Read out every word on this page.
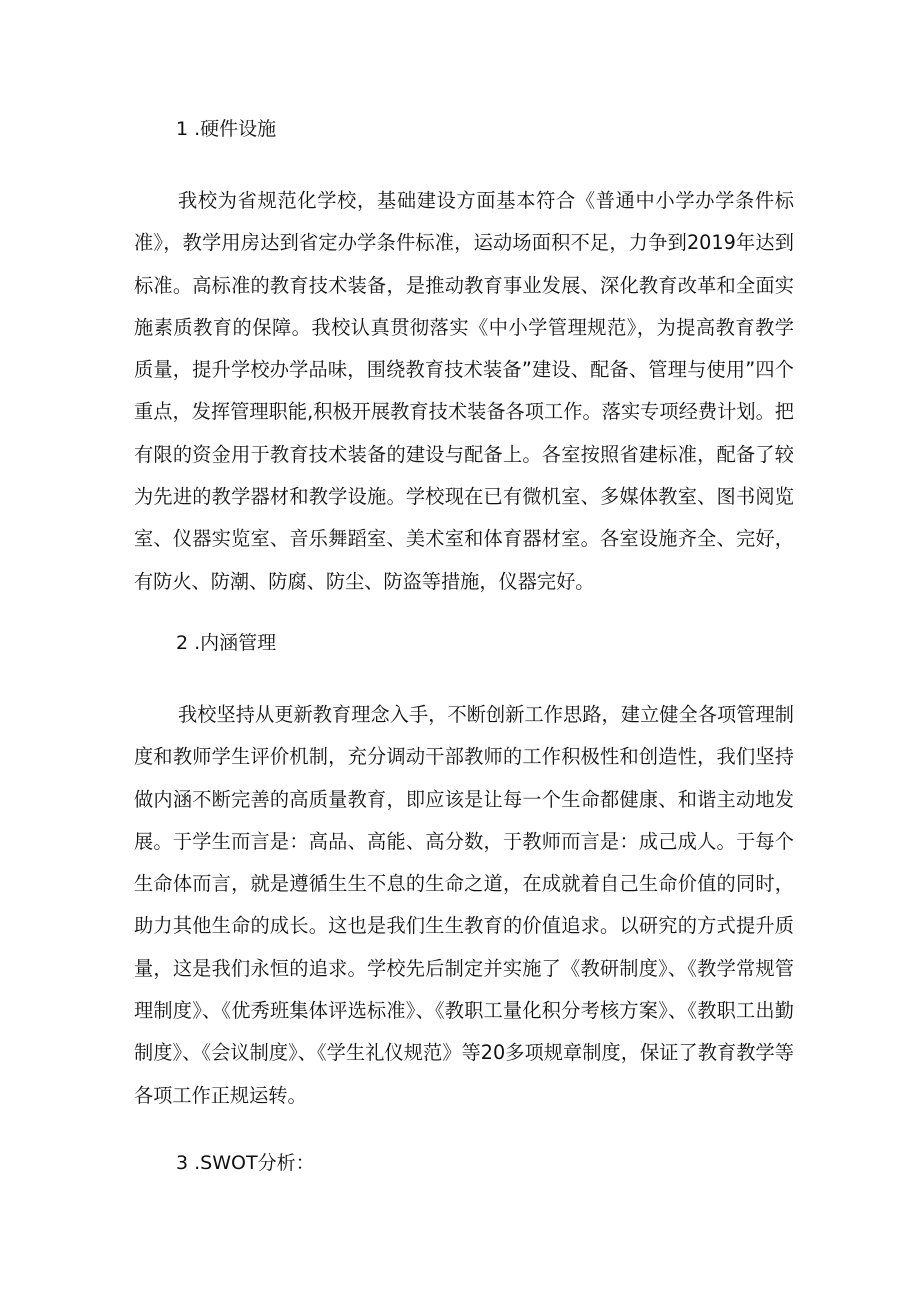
1 .硬件设施
我校为省规范化学校，基础建设方面基本符合《普通中小学办学条件标准》，教学用房达到省定办学条件标准，运动场面积不足，力争到2019年达到标准。高标准的教育技术装备，是推动教育事业发展、深化教育改革和全面实施素质教育的保障。我校认真贯彻落实《中小学管理规范》，为提高教育教学质量，提升学校办学品味，围绕教育技术装备”建设、配备、管理与使用”四个重点，发挥管理职能,积极开展教育技术装备各项工作。落实专项经费计划。把有限的资金用于教育技术装备的建设与配备上。各室按照省建标准，配备了较为先进的教学器材和教学设施。学校现在已有微机室、多媒体教室、图书阅览室、仪器实览室、音乐舞蹈室、美术室和体育器材室。各室设施齐全、完好，有防火、防潮、防腐、防尘、防盗等措施，仪器完好。
2 .内涵管理
我校坚持从更新教育理念入手，不断创新工作思路，建立健全各项管理制度和教师学生评价机制，充分调动干部教师的工作积极性和创造性，我们坚持做内涵不断完善的高质量教育，即应该是让每一个生命都健康、和谐主动地发展。于学生而言是：高品、高能、高分数，于教师而言是：成己成人。于每个生命体而言，就是遵循生生不息的生命之道，在成就着自己生命价值的同时，助力其他生命的成长。这也是我们生生教育的价值追求。以研究的方式提升质量，这是我们永恒的追求。学校先后制定并实施了《教研制度》、《教学常规管理制度》、《优秀班集体评选标准》、《教职工量化积分考核方案》、《教职工出勤制度》、《会议制度》、《学生礼仪规范》等20多项规章制度，保证了教育教学等各项工作正规运转。
3 .SWOT分析：
